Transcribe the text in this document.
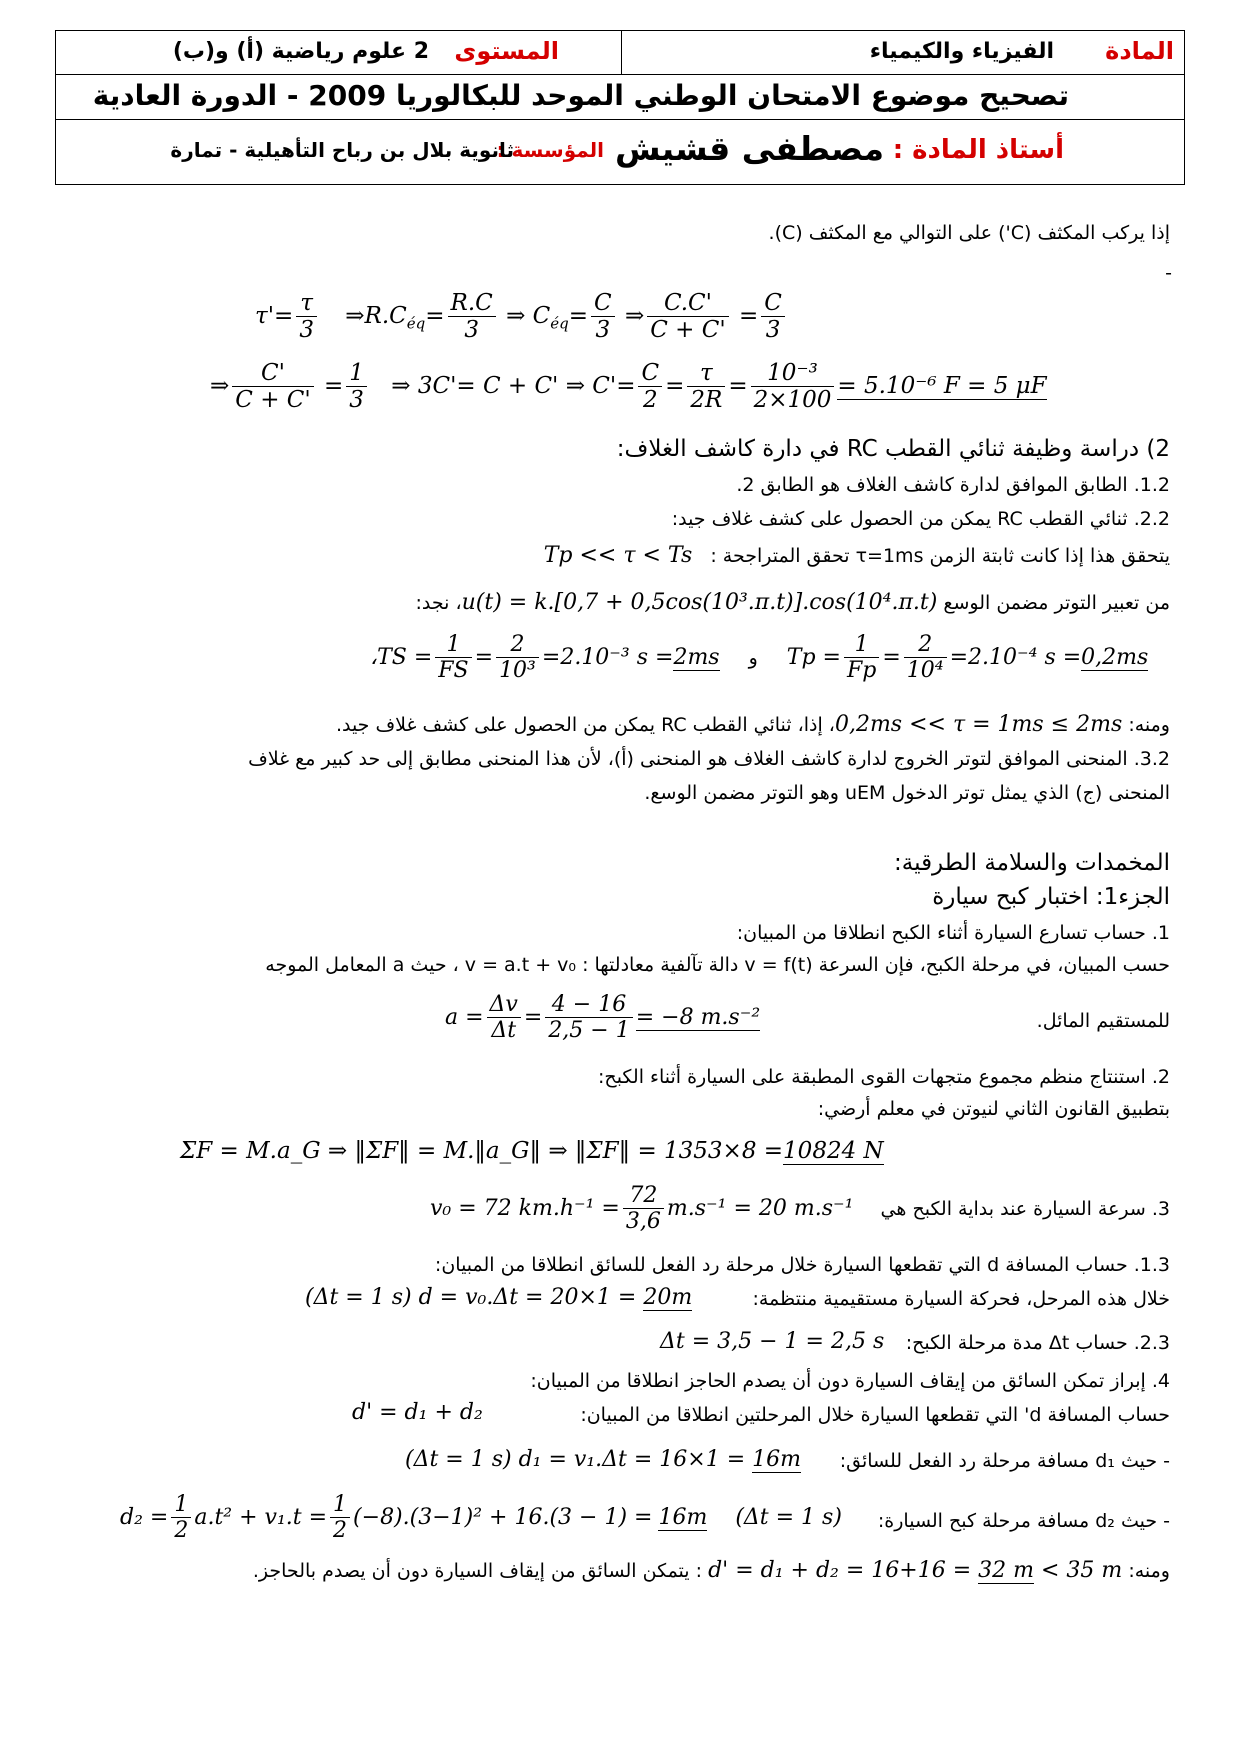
المادة
الفيزياء والكيمياء
المستوى
2 علوم رياضية (أ) و(ب)
تصحيح موضوع الامتحان الوطني الموحد للبكالوريا 2009 - الدورة العادية
أستاذ المادة :
مصطفى قشيش
المؤسسة :
ثانوية بلال بن رباح التأهيلية - تمارة
إذا يركب المكثف (C') على التوالي مع المكثف (C).
-
$\tau'= \frac{\tau}{3}$ $\Rightarrow R.C_{éq}= \frac{R.C}{3}$ ⇒ $C_{éq}= \frac{C}{3}$ ⇒ $\frac{C.C'}{C + C'} = \frac{C}{3}$
⇒ $\frac{C'}{C + C'} = \frac{1}{3}$ ⇒ 3C'= C + C' ⇒ $C'= \frac{C}{2} = \frac{\tau}{2R} = \frac{\text{10⁻³}}{2\times 100} = 5.10^{-6}$ F = 5 μF
2) دراسة وظيفة ثنائي القطب RC في دارة كاشف الغلاف:
1.2. الطابق الموافق لدارة كاشف الغلاف هو الطابق 2.
2.2. ثنائي القطب RC يمكن من الحصول على كشف غلاف جيد:
يتحقق هذا إذا كانت ثابتة الزمن τ=1ms تحقق المتراجحة : Tp << τ < Ts
من تعبير التوتر مضمن الوسع u(t) = k.[0,7 + 0,5cos(10³.π.t)].cos(10⁴.π.t)، نجد:
،TS = $\frac{1}{FS} = \frac{2}{\text{10³}} =2.10^{-3}$ s =2ms و $Tp = \frac{1}{Fp} = \frac{2}{\text{10⁴}} =2.10^{-4}$ s =0,2ms
ومنه: 0,2ms << τ = 1ms ≤ 2ms، إذا، ثنائي القطب RC يمكن من الحصول على كشف غلاف جيد.
3.2. المنحنى الموافق لتوتر الخروج لدارة كاشف الغلاف هو المنحنى (أ)، لأن هذا المنحنى مطابق إلى حد كبير مع غلاف
المنحنى (ج) الذي يمثل توتر الدخول uEM وهو التوتر مضمن الوسع.
المخمدات والسلامة الطرقية:
الجزء1: اختبار كبح سيارة
1. حساب تسارع السيارة أثناء الكبح انطلاقا من المبيان:
حسب المبيان، في مرحلة الكبح، فإن السرعة v = f(t) دالة تآلفية معادلتها : v = a.t + v₀ ، حيث a المعامل الموجه
للمستقيم المائل.
$a = \frac{\Delta v}{\Delta t} = \frac{4 - 16}{2,5 - 1} = -8$ m.s⁻²
2. استنتاج منظم مجموع متجهات القوى المطبقة على السيارة أثناء الكبح:
بتطبيق القانون الثاني لنيوتن في معلم أرضي:
ΣF = M.a_G ⇒ ‖ΣF‖ = M.‖a_G‖ ⇒ ‖ΣF‖ = 1353×8 =10824 N
3. سرعة السيارة عند بداية الكبح هي
v₀ = 72 $km.h^{-1} = \frac{72}{3,6} m.s^{-1} = 20$ m.s⁻¹
1.3. حساب المسافة d التي تقطعها السيارة خلال مرحلة رد الفعل للسائق انطلاقا من المبيان:
خلال هذه المرحل، فحركة السيارة مستقيمية منتظمة:
(Δt = 1 s) d = v₀.Δt = 20×1 = 20m
2.3. حساب Δt مدة مرحلة الكبح:
Δt = 3,5 − 1 = 2,5 s
4. إبراز تمكن السائق من إيقاف السيارة دون أن يصدم الحاجز انطلاقا من المبيان:
حساب المسافة d' التي تقطعها السيارة خلال المرحلتين انطلاقا من المبيان:
d' = d₁ + d₂
- حيث d₁ مسافة مرحلة رد الفعل للسائق:
(Δt = 1 s) d₁ = v₁.Δt = 16×1 = 16m
- حيث d₂ مسافة مرحلة كبح السيارة:
$d_2 = \frac{1}{2} a.t^2 + v_1.t = \frac{1}{2} (-8).(3-1)^2 + 16.(3 - 1) = 16m$ (Δt = 1 s)
ومنه: d' = d₁ + d₂ = 16+16 = 32 m < 35 m : يتمكن السائق من إيقاف السيارة دون أن يصدم بالحاجز.
